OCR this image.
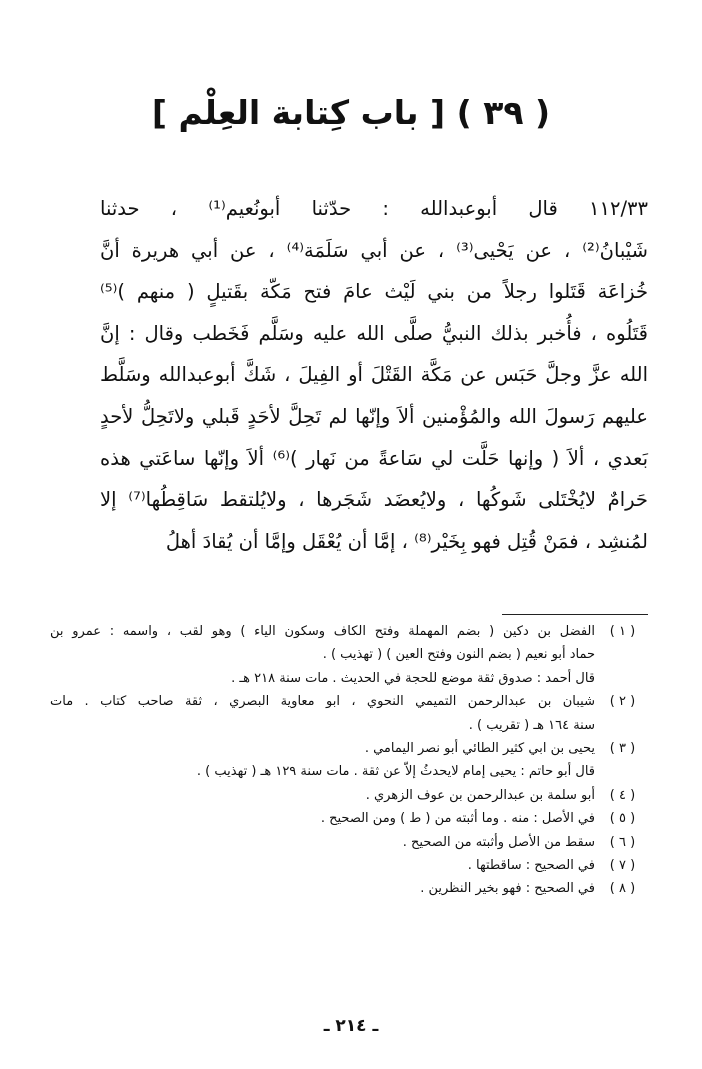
( ٣٩ ) [ باب كِتابة العِلْم ]
١١٢/٣٣ قال أبوعبدالله : حدّثنا أبونُعيم⁽¹⁾ ، حدثنا
شَيْبانُ⁽²⁾ ، عن يَحْيى⁽³⁾ ، عن أبي سَلَمَة⁽⁴⁾ ، عن أبي هريرة أنَّ
خُزاعَة قَتَلوا رجلاً من بني لَيْث عامَ فتح مَكّة بقَتيلٍ ( منهم )⁽⁵⁾
قَتَلُوه ، فأُخبر بذلك النبيُّ صلَّى الله عليه وسَلَّم فَخَطب وقال : إنَّ
الله عزَّ وجلَّ حَبَس عن مَكَّة القَتْلَ أو الفِيلَ ، شَكَّ أبوعبدالله وسَلَّط
عليهم رَسولَ الله والمُؤْمنين ألاَ وإنّها لم تَحِلَّ لأحَدٍ قَبلي ولاتَحِلُّ لأحدٍ
بَعدي ، ألاَ ( وإنها حَلَّت لي سَاعةً من نَهار )⁽⁶⁾ ألاَ وإنّها ساعَتي هذه
حَرامٌ لايُخْتَلى شَوكُها ، ولايُعضَد شَجَرها ، ولايُلتقط سَاقِطُها⁽⁷⁾ إلا
لمُنشِد ، فمَنْ قُتِل فهو بِخَيْر⁽⁸⁾ ، إمَّا أن يُعْقَل وإمَّا أن يُقادَ أهلُ
( ١ )
الفضل بن دكين ( بضم المهملة وفتح الكاف وسكون الياء ) وهو لقب ، واسمه : عمرو بن
حماد أبو نعيم ( بضم النون وفتح العين ) ( تهذيب ) .
قال أحمد : صدوق ثقة موضع للحجة في الحديث . مات سنة ٢١٨ هـ .
( ٢ )
شيبان بن عبدالرحمن التميمي النحوي ، ابو معاوية البصري ، ثقة صاحب كتاب . مات
سنة ١٦٤ هـ ( تقريب ) .
( ٣ )
يحيى بن ابي كثير الطائي أبو نصر اليمامي .
قال أبو حاتم : يحيى إمام لايحدثُ إلاّ عن ثقة . مات سنة ١٢٩ هـ ( تهذيب ) .
( ٤ )
أبو سلمة بن عبدالرحمن بن عوف الزهري .
( ٥ )
في الأصل : منه . وما أثبته من ( ط ) ومن الصحيح .
( ٦ )
سقط من الأصل وأثبته من الصحيح .
( ٧ )
في الصحيح : ساقطتها .
( ٨ )
في الصحيح : فهو بخير النظرين .
ـ ٢١٤ ـ
